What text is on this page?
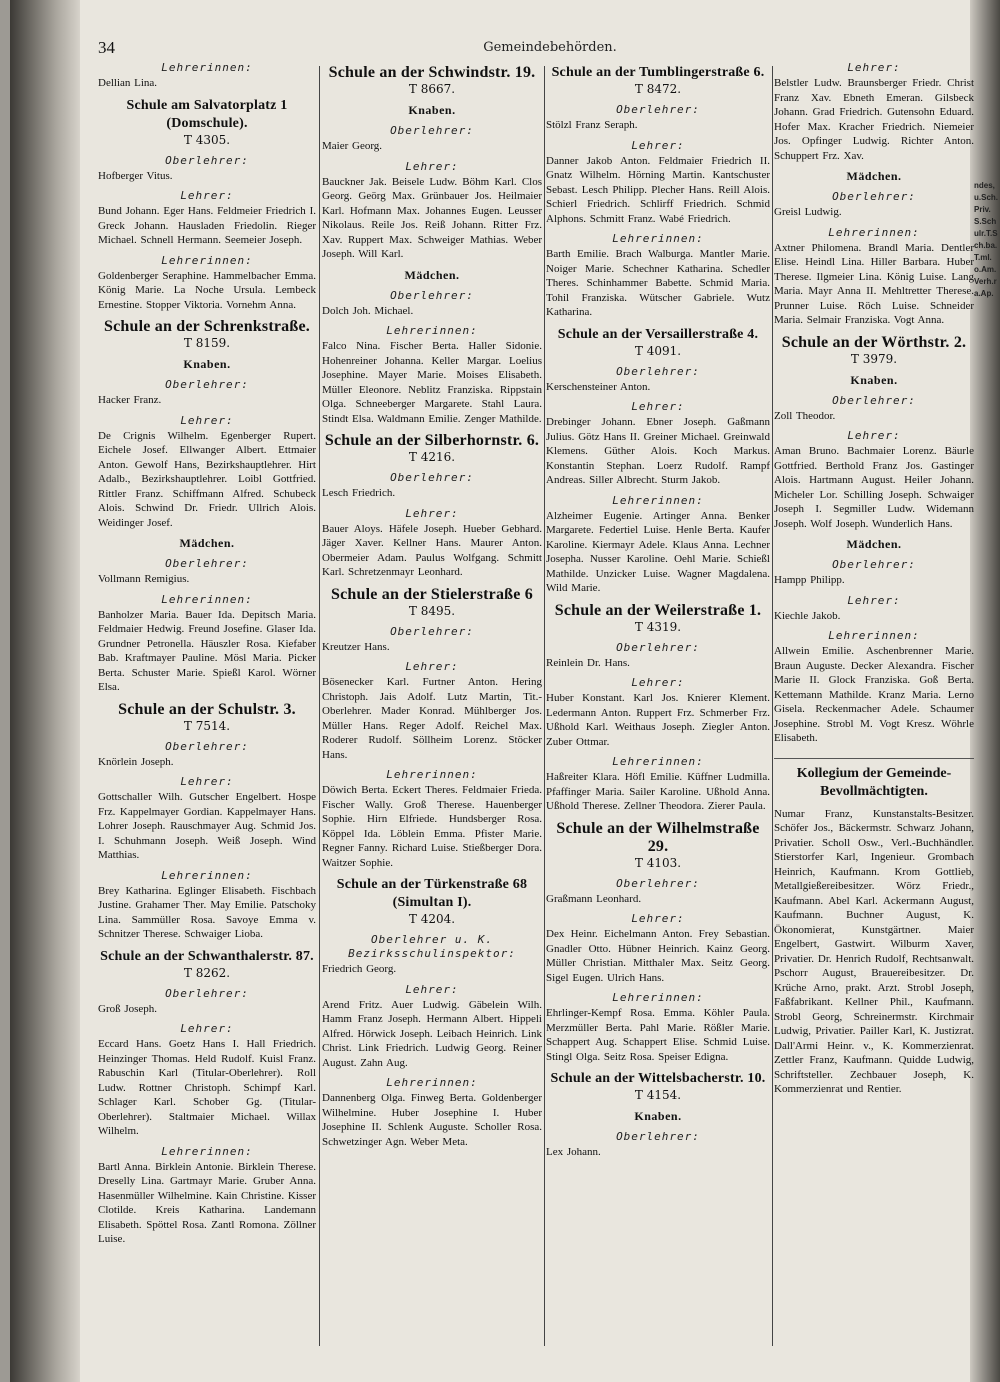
ndes,u.Sch.Priv.S.Schulr.T.Sch.ba.T.ml.o.Am.Verh.ra.Ap.
34	Gemeindebehörden.
Lehrerinnen:
Dellian Lina.
Schule am Salvatorplatz 1 (Domschule).
T 4305.
Oberlehrer:
Hofberger Vitus.
Lehrer:
Bund Johann. Eger Hans. Feldmeier Friedrich I. Greck Johann. Hausladen Friedolin. Rieger Michael. Schnell Hermann. Seemeier Joseph.
Lehrerinnen:
Goldenberger Seraphine. Hammelbacher Emma. König Marie. La Noche Ursula. Lembeck Ernestine. Stopper Viktoria. Vornehm Anna.
Schule an der Schrenkstraße.
T 8159.
Knaben.
Oberlehrer:
Hacker Franz.
Lehrer:
De Crignis Wilhelm. Egenberger Rupert. Eichele Josef. Ellwanger Albert. Ettmaier Anton. Gewolf Hans, Bezirkshauptlehrer. Hirt Adalb., Bezirkshauptlehrer. Loibl Gottfried. Rittler Franz. Schiffmann Alfred. Schubeck Alois. Schwind Dr. Friedr. Ullrich Alois. Weidinger Josef.
Mädchen.
Oberlehrer:
Vollmann Remigius.
Lehrerinnen:
Banholzer Maria. Bauer Ida. Depitsch Maria. Feldmaier Hedwig. Freund Josefine. Glaser Ida. Grundner Petronella. Häuszler Rosa. Kiefaber Bab. Kraftmayer Pauline. Mösl Maria. Picker Berta. Schuster Marie. Spießl Karol. Wörner Elsa.
Schule an der Schulstr. 3.
T 7514.
Oberlehrer:
Knörlein Joseph.
Lehrer:
Gottschaller Wilh. Gutscher Engelbert. Hospe Frz. Kappelmayer Gordian. Kappelmayer Hans. Lohrer Joseph. Rauschmayer Aug. Schmid Jos. I. Schuhmann Joseph. Weiß Joseph. Wind Matthias.
Lehrerinnen:
Brey Katharina. Eglinger Elisabeth. Fischbach Justine. Grahamer Ther. May Emilie. Patschoky Lina. Sammüller Rosa. Savoye Emma v. Schnitzer Therese. Schwaiger Lioba.
Schule an der Schwanthalerstr. 87.
T 8262.
Oberlehrer:
Groß Joseph.
Lehrer:
Eccard Hans. Goetz Hans I. Hall Friedrich. Heinzinger Thomas. Held Rudolf. Kuisl Franz. Rabuschin Karl (Titular-Oberlehrer). Roll Ludw. Rottner Christoph. Schimpf Karl. Schlager Karl. Schober Gg. (Titular-Oberlehrer). Staltmaier Michael. Willax Wilhelm.
Lehrerinnen:
Bartl Anna. Birklein Antonie. Birklein Therese. Dreselly Lina. Gartmayr Marie. Gruber Anna. Hasenmüller Wilhelmine. Kain Christine. Kisser Clotilde. Kreis Katharina. Landemann Elisabeth. Spöttel Rosa. Zantl Romona. Zöllner Luise.
Schule an der Schwindstr. 19.
T 8667.
Knaben.
Oberlehrer:
Maier Georg.
Lehrer:
Bauckner Jak. Beisele Ludw. Böhm Karl. Clos Georg. Geörg Max. Grünbauer Jos. Heilmaier Karl. Hofmann Max. Johannes Eugen. Leusser Nikolaus. Reile Jos. Reiß Johann. Ritter Frz. Xav. Ruppert Max. Schweiger Mathias. Weber Joseph. Will Karl.
Mädchen.
Oberlehrer:
Dolch Joh. Michael.
Lehrerinnen:
Falco Nina. Fischer Berta. Haller Sidonie. Hohenreiner Johanna. Keller Margar. Loelius Josephine. Mayer Marie. Moises Elisabeth. Müller Eleonore. Neblitz Franziska. Rippstain Olga. Schneeberger Margarete. Stahl Laura. Stindt Elsa. Waldmann Emilie. Zenger Mathilde.
Schule an der Silberhornstr. 6.
T 4216.
Oberlehrer:
Lesch Friedrich.
Lehrer:
Bauer Aloys. Häfele Joseph. Hueber Gebhard. Jäger Xaver. Kellner Hans. Maurer Anton. Obermeier Adam. Paulus Wolfgang. Schmitt Karl. Schretzenmayr Leonhard.
Schule an der Stielerstraße 6
T 8495.
Oberlehrer:
Kreutzer Hans.
Lehrer:
Bösenecker Karl. Furtner Anton. Hering Christoph. Jais Adolf. Lutz Martin, Tit.-Oberlehrer. Mader Konrad. Mühlberger Jos. Müller Hans. Reger Adolf. Reichel Max. Roderer Rudolf. Söllheim Lorenz. Stöcker Hans.
Lehrerinnen:
Döwich Berta. Eckert Theres. Feldmaier Frieda. Fischer Wally. Groß Therese. Hauenberger Sophie. Hirn Elfriede. Hundsberger Rosa. Köppel Ida. Löblein Emma. Pfister Marie. Regner Fanny. Richard Luise. Stießberger Dora. Waitzer Sophie.
Schule an der Türkenstraße 68 (Simultan I).
T 4204.
Oberlehrer u. K. Bezirksschulinspektor:
Friedrich Georg.
Lehrer:
Arend Fritz. Auer Ludwig. Gäbelein Wilh. Hamm Franz Joseph. Hermann Albert. Hippeli Alfred. Hörwick Joseph. Leibach Heinrich. Link Christ. Link Friedrich. Ludwig Georg. Reiner August. Zahn Aug.
Lehrerinnen:
Dannenberg Olga. Finweg Berta. Goldenberger Wilhelmine. Huber Josephine I. Huber Josephine II. Schlenk Auguste. Scholler Rosa. Schwetzinger Agn. Weber Meta.
Schule an der Tumblingerstraße 6.
T 8472.
Oberlehrer:
Stölzl Franz Seraph.
Lehrer:
Danner Jakob Anton. Feldmaier Friedrich II. Gnatz Wilhelm. Hörning Martin. Kantschuster Sebast. Lesch Philipp. Plecher Hans. Reill Alois. Schierl Friedrich. Schlirff Friedrich. Schmid Alphons. Schmitt Franz. Wabé Friedrich.
Lehrerinnen:
Barth Emilie. Brach Walburga. Mantler Marie. Noiger Marie. Schechner Katharina. Schedler Theres. Schinhammer Babette. Schmid Maria. Tohil Franziska. Wütscher Gabriele. Wutz Katharina.
Schule an der Versaillerstraße 4.
T 4091.
Oberlehrer:
Kerschensteiner Anton.
Lehrer:
Drebinger Johann. Ebner Joseph. Gaßmann Julius. Götz Hans II. Greiner Michael. Greinwald Klemens. Güther Alois. Koch Markus. Konstantin Stephan. Loerz Rudolf. Rampf Andreas. Siller Albrecht. Sturm Jakob.
Lehrerinnen:
Alzheimer Eugenie. Artinger Anna. Benker Margarete. Federtiel Luise. Henle Berta. Kaufer Karoline. Kiermayr Adele. Klaus Anna. Lechner Josepha. Nusser Karoline. Oehl Marie. Schießl Mathilde. Unzicker Luise. Wagner Magdalena. Wild Marie.
Schule an der Weilerstraße 1.
T 4319.
Oberlehrer:
Reinlein Dr. Hans.
Lehrer:
Huber Konstant. Karl Jos. Knierer Klement. Ledermann Anton. Ruppert Frz. Schmerber Frz. Ußhold Karl. Weithaus Joseph. Ziegler Anton. Zuber Ottmar.
Lehrerinnen:
Haßreiter Klara. Höfl Emilie. Küffner Ludmilla. Pfaffinger Maria. Sailer Karoline. Ußhold Anna. Ußhold Therese. Zellner Theodora. Zierer Paula.
Schule an der Wilhelmstraße 29.
T 4103.
Oberlehrer:
Graßmann Leonhard.
Lehrer:
Dex Heinr. Eichelmann Anton. Frey Sebastian. Gnadler Otto. Hübner Heinrich. Kainz Georg. Müller Christian. Mitthaler Max. Seitz Georg. Sigel Eugen. Ulrich Hans.
Lehrerinnen:
Ehrlinger-Kempf Rosa. Emma. Köhler Paula. Merzmüller Berta. Pahl Marie. Rößler Marie. Schappert Aug. Schappert Elise. Schmid Luise. Stingl Olga. Seitz Rosa. Speiser Edigna.
Schule an der Wittelsbacherstr. 10.
T 4154.
Knaben.
Oberlehrer:
Lex Johann.
Lehrer:
Belstler Ludw. Braunsberger Friedr. Christ Franz Xav. Ebneth Emeran. Gilsbeck Johann. Grad Friedrich. Gutensohn Eduard. Hofer Max. Kracher Friedrich. Niemeier Jos. Opfinger Ludwig. Richter Anton. Schuppert Frz. Xav.
Mädchen.
Oberlehrer:
Greisl Ludwig.
Lehrerinnen:
Axtner Philomena. Brandl Maria. Dentler Elise. Heindl Lina. Hiller Barbara. Huber Therese. Ilgmeier Lina. König Luise. Lang Maria. Mayr Anna II. Mehltretter Therese. Prunner Luise. Röch Luise. Schneider Maria. Selmair Franziska. Vogt Anna.
Schule an der Wörthstr. 2.
T 3979.
Knaben.
Oberlehrer:
Zoll Theodor.
Lehrer:
Aman Bruno. Bachmaier Lorenz. Bäurle Gottfried. Berthold Franz Jos. Gastinger Alois. Hartmann August. Heiler Johann. Micheler Lor. Schilling Joseph. Schwaiger Joseph I. Segmiller Ludw. Widemann Joseph. Wolf Joseph. Wunderlich Hans.
Mädchen.
Oberlehrer:
Hampp Philipp.
Lehrer:
Kiechle Jakob.
Lehrerinnen:
Allwein Emilie. Aschenbrenner Marie. Braun Auguste. Decker Alexandra. Fischer Marie II. Glock Franziska. Goß Berta. Kettemann Mathilde. Kranz Maria. Lerno Gisela. Reckenmacher Adele. Schaumer Josephine. Strobl M. Vogt Kresz. Wöhrle Elisabeth.
Kollegium der Gemeinde-Bevollmächtigten.
Numar Franz, Kunstanstalts-Besitzer. Schöfer Jos., Bäckermstr. Schwarz Johann, Privatier. Scholl Osw., Verl.-Buchhändler. Stierstorfer Karl, Ingenieur. Grombach Heinrich, Kaufmann. Krom Gottlieb, Metallgießereibesitzer. Wörz Friedr., Kaufmann. Abel Karl. Ackermann August, Kaufmann. Buchner August, K. Ökonomierat, Kunstgärtner. Maier Engelbert, Gastwirt. Wilburm Xaver, Privatier. Dr. Henrich Rudolf, Rechtsanwalt. Pschorr August, Brauereibesitzer. Dr. Krüche Arno, prakt. Arzt. Strobl Joseph, Faßfabrikant. Kellner Phil., Kaufmann. Strobl Georg, Schreinermstr. Kirchmair Ludwig, Privatier. Pailler Karl, K. Justizrat. Dall'Armi Heinr. v., K. Kommerzienrat. Zettler Franz, Kaufmann. Quidde Ludwig, Schriftsteller. Zechbauer Joseph, K. Kommerzienrat und Rentier.
